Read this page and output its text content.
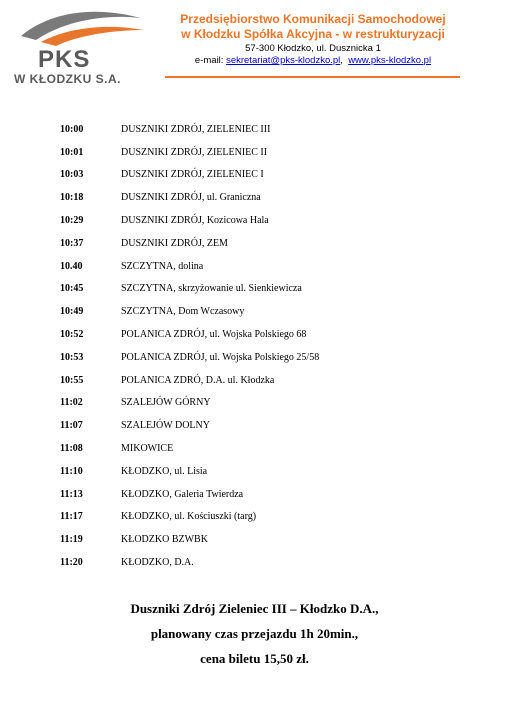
PKS
W KŁODZKU S.A.
Przedsiębiorstwo Komunikacji Samochodowej
w Kłodzku Spółka Akcyjna - w restrukturyzacji
57-300 Kłodzko, ul. Dusznicka 1
e-mail: sekretariat@pks-klodzko.pl, www.pks-klodzko.pl
10:00	DUSZNIKI ZDRÓJ, ZIELENIEC III
10:01	DUSZNIKI ZDRÓJ, ZIELENIEC II
10:03	DUSZNIKI ZDRÓJ, ZIELENIEC I
10:18	DUSZNIKI ZDRÓJ, ul. Graniczna
10:29	DUSZNIKI ZDRÓJ, Kozicowa Hala
10:37	DUSZNIKI ZDRÓJ, ZEM
10.40	SZCZYTNA, dolina
10:45	SZCZYTNA, skrzyżowanie ul. Sienkiewicza
10:49	SZCZYTNA, Dom Wczasowy
10:52	POLANICA ZDRÓJ, ul. Wojska Polskiego 68
10:53	POLANICA ZDRÓJ, ul. Wojska Polskiego 25/58
10:55	POLANICA ZDRÓ, D.A. ul. Kłodzka
11:02	SZALEJÓW GÓRNY
11:07	SZALEJÓW DOLNY
11:08	MIKOWICE
11:10	KŁODZKO, ul. Lisia
11:13	KŁODZKO, Galeria Twierdza
11:17	KŁODZKO, ul. Kościuszki (targ)
11:19	KŁODZKO BZWBK
11:20	KŁODZKO, D.A.
Duszniki Zdrój Zieleniec III – Kłodzko D.A.,
planowany czas przejazdu 1h 20min.,
cena biletu 15,50 zł.
